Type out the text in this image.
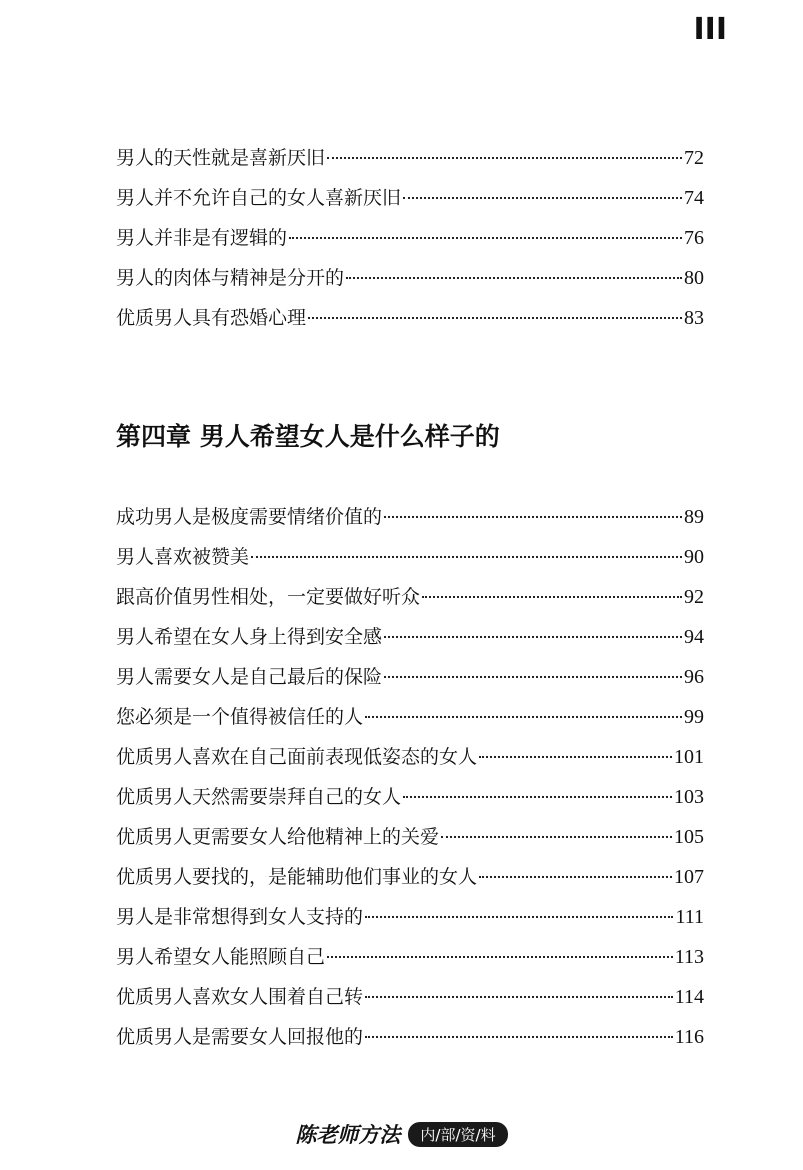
III
男人的天性就是喜新厌旧	72
男人并不允许自己的女人喜新厌旧	74
男人并非是有逻辑的	76
男人的肉体与精神是分开的	80
优质男人具有恐婚心理	83
第四章 男人希望女人是什么样子的
成功男人是极度需要情绪价值的	89
男人喜欢被赞美	90
跟高价值男性相处，一定要做好听众	92
男人希望在女人身上得到安全感	94
男人需要女人是自己最后的保险	96
您必须是一个值得被信任的人	99
优质男人喜欢在自己面前表现低姿态的女人	101
优质男人天然需要崇拜自己的女人	103
优质男人更需要女人给他精神上的关爱	105
优质男人要找的，是能辅助他们事业的女人	107
男人是非常想得到女人支持的	111
男人希望女人能照顾自己	113
优质男人喜欢女人围着自己转	114
优质男人是需要女人回报他的	116
陈老师方法	内/部/资/料
